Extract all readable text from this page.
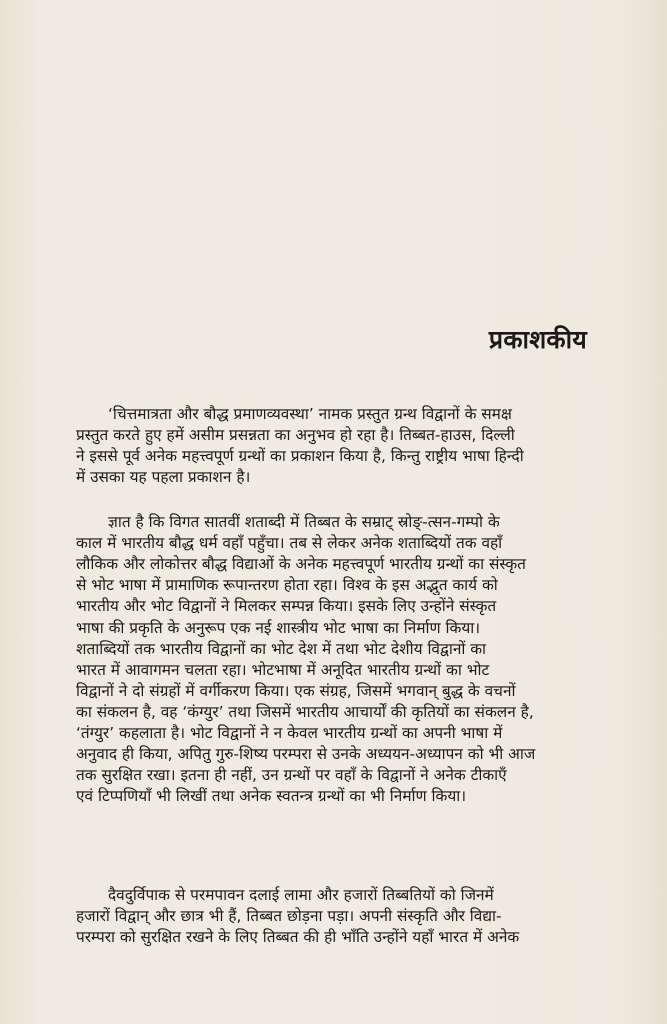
प्रकाशकीय
‘चित्तमात्रता और बौद्ध प्रमाणव्यवस्था’ नामक प्रस्तुत ग्रन्थ विद्वानों के समक्ष
प्रस्तुत करते हुए हमें असीम प्रसन्नता का अनुभव हो रहा है। तिब्बत-हाउस, दिल्ली
ने इससे पूर्व अनेक महत्त्वपूर्ण ग्रन्थों का प्रकाशन किया है, किन्तु राष्ट्रीय भाषा हिन्दी
में उसका यह पहला प्रकाशन है।
ज्ञात है कि विगत सातवीं शताब्दी में तिब्बत के सम्राट् स्रोङ्-त्सन-गम्पो के
काल में भारतीय बौद्ध धर्म वहाँ पहुँचा। तब से लेकर अनेक शताब्दियों तक वहाँ
लौकिक और लोकोत्तर बौद्ध विद्याओं के अनेक महत्त्वपूर्ण भारतीय ग्रन्थों का संस्कृत
से भोट भाषा में प्रामाणिक रूपान्तरण होता रहा। विश्व के इस अद्भुत कार्य को
भारतीय और भोट विद्वानों ने मिलकर सम्पन्न किया। इसके लिए उन्होंने संस्कृत
भाषा की प्रकृति के अनुरूप एक नई शास्त्रीय भोट भाषा का निर्माण किया।
शताब्दियों तक भारतीय विद्वानों का भोट देश में तथा भोट देशीय विद्वानों का
भारत में आवागमन चलता रहा। भोटभाषा में अनूदित भारतीय ग्रन्थों का भोट
विद्वानों ने दो संग्रहों में वर्गीकरण किया। एक संग्रह, जिसमें भगवान् बुद्ध के वचनों
का संकलन है, वह ‘कंग्युर’ तथा जिसमें भारतीय आचार्यों की कृतियों का संकलन है,
‘तंग्युर’ कहलाता है। भोट विद्वानों ने न केवल भारतीय ग्रन्थों का अपनी भाषा में
अनुवाद ही किया, अपितु गुरु-शिष्य परम्परा से उनके अध्ययन-अध्यापन को भी आज
तक सुरक्षित रखा। इतना ही नहीं, उन ग्रन्थों पर वहाँ के विद्वानों ने अनेक टीकाएँ
एवं टिप्पणियाँ भी लिखीं तथा अनेक स्वतन्त्र ग्रन्थों का भी निर्माण किया।
दैवदुर्विपाक से परमपावन दलाई लामा और हजारों तिब्बतियों को जिनमें
हजारों विद्वान् और छात्र भी हैं, तिब्बत छोड़ना पड़ा। अपनी संस्कृति और विद्या-
परम्परा को सुरक्षित रखने के लिए तिब्बत की ही भाँति उन्होंने यहाँ भारत में अनेक
